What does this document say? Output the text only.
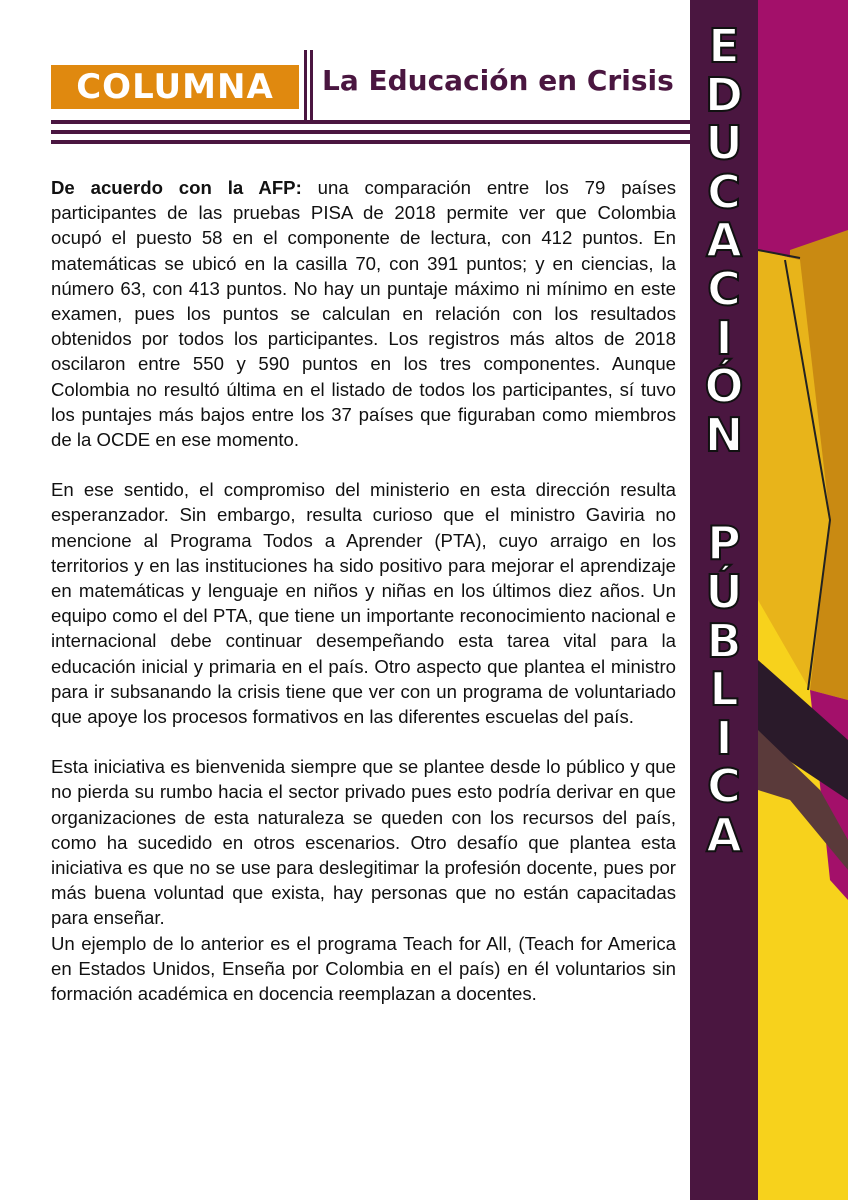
COLUMNA	La Educación en Crisis

De acuerdo con la AFP: una comparación entre los 79 países participantes de las pruebas PISA de 2018 permite ver que Colombia ocupó el puesto 58 en el componente de lectura, con 412 puntos. En matemáticas se ubicó en la casilla 70, con 391 puntos; y en ciencias, la número 63, con 413 puntos. No hay un puntaje máximo ni mínimo en este examen, pues los puntos se calculan en relación con los resultados obtenidos por todos los participantes. Los registros más altos de 2018 oscilaron entre 550 y 590 puntos en los tres componentes. Aunque Colombia no resultó última en el listado de todos los participantes, sí tuvo los puntajes más bajos entre los 37 países que figuraban como miembros de la OCDE en ese momento.

En ese sentido, el compromiso del ministerio en esta dirección resulta esperanzador. Sin embargo, resulta curioso que el ministro Gaviria no mencione al Programa Todos a Aprender (PTA), cuyo arraigo en los territorios y en las instituciones ha sido positivo para mejorar el aprendizaje en matemáticas y lenguaje en niños y niñas en los últimos diez años. Un equipo como el del PTA, que tiene un importante reconocimiento nacional e internacional debe continuar desempeñando esta tarea vital para la educación inicial y primaria en el país. Otro aspecto que plantea el ministro para ir subsanando la crisis tiene que ver con un programa de voluntariado que apoye los procesos formativos en las diferentes escuelas del país.

Esta iniciativa es bienvenida siempre que se plantee desde lo público y que no pierda su rumbo hacia el sector privado pues esto podría derivar en que organizaciones de esta naturaleza se queden con los recursos del país, como ha sucedido en otros escenarios. Otro desafío que plantea esta iniciativa es que no se use para deslegitimar la profesión docente, pues por más buena voluntad que exista, hay personas que no están capacitadas para enseñar.

Un ejemplo de lo anterior es el programa Teach for All, (Teach for America en Estados Unidos, Enseña por Colombia en el país) en él voluntarios sin formación académica en docencia reemplazan a docentes.

E
D
U
C
A
C
I
Ó
N
P
Ú
B
L
I
C
A
